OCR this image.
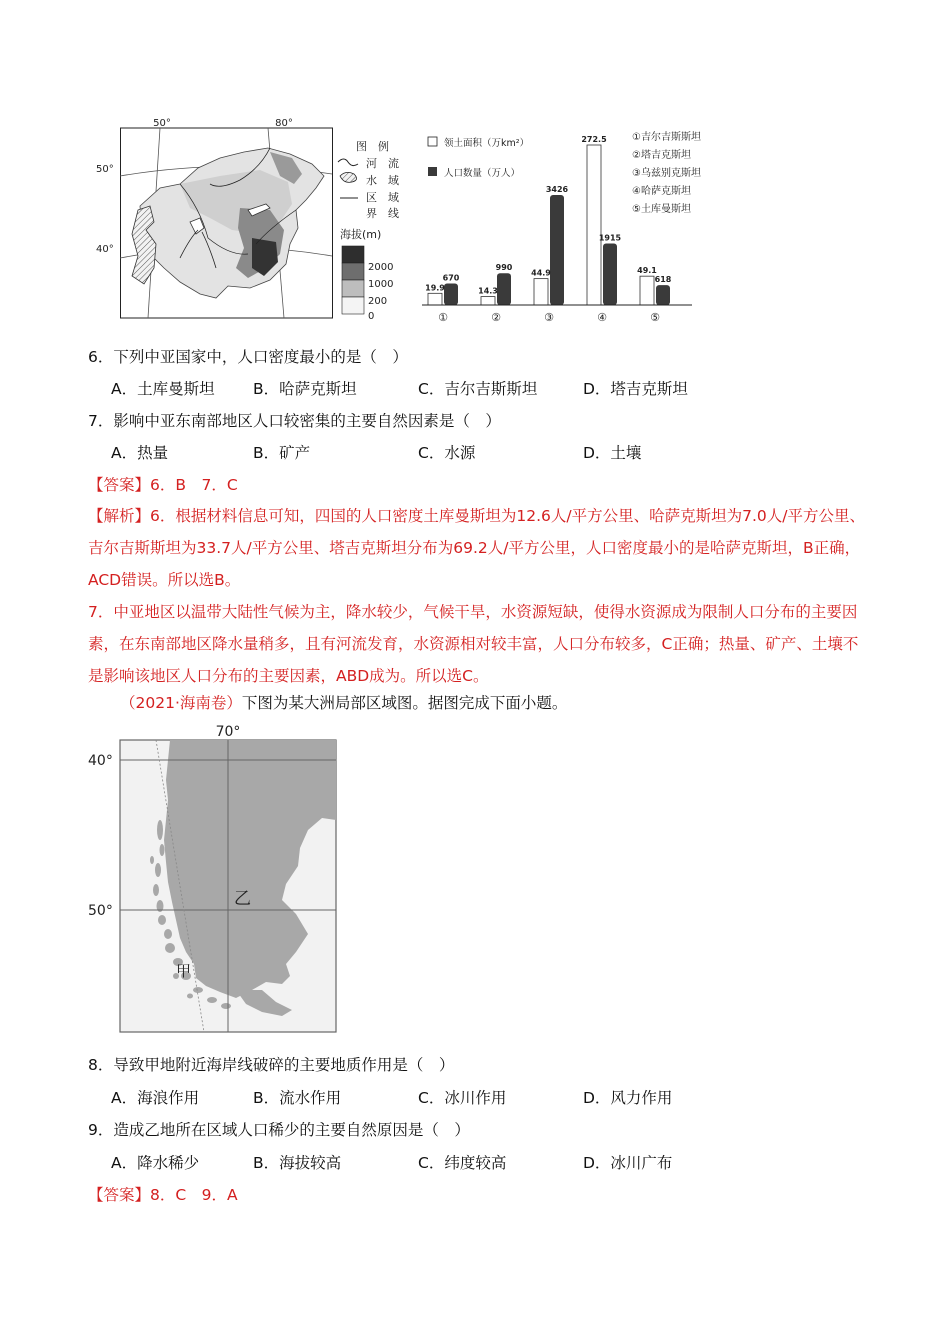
50°	80°
图　例
河　流
水　域
区　域
界　线
海拔(m)
2000
1000
200
0
40°
50°
领土面积（万km²）
人口数量（万人）
19.9
670
14.3
990
44.9
3426
272.5
1915
49.1
618
①	②	③	④	⑤
①吉尔吉斯斯坦
②塔吉克斯坦
③乌兹别克斯坦
④哈萨克斯坦
⑤土库曼斯坦
6．下列中亚国家中，人口密度最小的是（　）
A．土库曼斯坦 B．哈萨克斯坦	C．吉尔吉斯斯坦	D．塔吉克斯坦
7．影响中亚东南部地区人口较密集的主要自然因素是（　）
A．热量	B．矿产	C．水源	D．土壤
【答案】6．B　7．C
【解析】6．根据材料信息可知，四国的人口密度土库曼斯坦为12.6人/平方公里、哈萨克斯坦为7.0人/平方公里、吉尔吉斯斯坦为33.7人/平方公里、塔吉克斯坦分布为69.2人/平方公里，人口密度最小的是哈萨克斯坦，B正确，ACD错误。所以选B。
7．中亚地区以温带大陆性气候为主，降水较少，气候干旱，水资源短缺，使得水资源成为限制人口分布的主要因素，在东南部地区降水量稍多，且有河流发育，水资源相对较丰富，人口分布较多，C正确；热量、矿产、土壤不是影响该地区人口分布的主要因素，ABD成为。所以选C。
（2021·海南卷）下图为某大洲局部区域图。据图完成下面小题。
70°
40°
50°
乙
甲
8．导致甲地附近海岸线破碎的主要地质作用是（　）
A．海浪作用	B．流水作用	C．冰川作用	D．风力作用
9．造成乙地所在区域人口稀少的主要自然原因是（　）
A．降水稀少	B．海拔较高	C．纬度较高	D．冰川广布
【答案】8．C　9．A
